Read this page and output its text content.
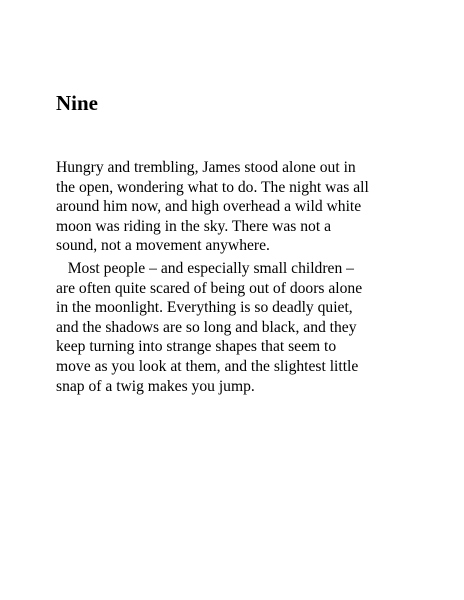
Nine

Hungry and trembling, James stood alone out in
the open, wondering what to do. The night was all
around him now, and high overhead a wild white
moon was riding in the sky. There was not a
sound, not a movement anywhere.

Most people – and especially small children –
are often quite scared of being out of doors alone
in the moonlight. Everything is so deadly quiet,
and the shadows are so long and black, and they
keep turning into strange shapes that seem to
move as you look at them, and the slightest little
snap of a twig makes you jump.
